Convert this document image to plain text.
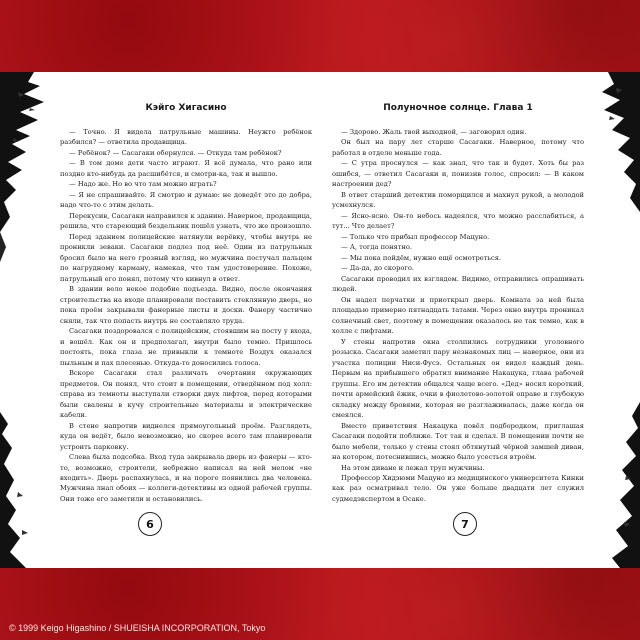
Кэйго Хигасино

— Точно. Я видела патрульные машины. Неужто ребёнок разбился? — ответила продавщица.

— Ребёнок? — Сасагаки обернулся. — Откуда там ребёнок?

— В том доме дети часто играют. Я всё думала, что рано или поздно кто-нибудь да расшибётся, и смотри-ка, так и вышло.

— Надо же. Но во что там можно играть?

— Я не спрашивайте. Я смотрю и думаю: не доведёт это до добра, надо что-то с этим делать.

Перекусив, Сасагаки направился к зданию. Наверное, продавщица, решила, что стареющий бездельник пошёл узнать, что же произошло.

Перед зданием полицейские натянули верёвку, чтобы внутрь не проникли зеваки. Сасагаки подлез под неё. Один из патрульных бросил было на него грозный взгляд, но мужчина постучал пальцем по нагрудному карману, намекая, что там удостоверение. Похоже, патрульный его понял, потому что кивнул в ответ.

В здании вело некое подобие подъезда. Видно, после окончания строительства на входе планировали поставить стеклянную дверь, но пока проём закрывали фанерные листы и доски. Фанеру частично сняли, так что попасть внутрь не составляло труда.

Сасагаки поздоровался с полицейским, стоявшим на посту у входа, и вошёл. Как он и предполагал, внутри было темно. Пришлось постоять, пока глаза не привыкли к темноте Воздух оказался пыльным и пах плесенью. Откуда-то доносились голоса.

Вскоре Сасагаки стал различать очертания окружающих предметов. Он понял, что стоит в помещении, отведённом под холл: справа из темноты выступали створки двух лифтов, перед которыми были свалены в кучу строительные материалы и электрические кабели.

В стене напротив виднелся прямоугольный проём. Разглядеть, куда он ведёт, было невозможно, но скорее всего там планировали устроить парковку.

Слева была подсобка. Вход туда закрывала дверь из фанеры — кто-то, возможно, строители, небрежно написал на ней мелом «не входить». Дверь распахнулась, и на пороге появились два человека. Мужчина лнал обоих — коллеги-детективы из одной рабочей группы. Они тоже его заметили и остановились.

6
Полуночное солнце. Глава 1

— Здорово. Жаль твой выходной, — заговорил один.

Он был на пару лет старше Сасагаки. Наверное, потому что работал в отделе меньше года.

— С утра проснулся — как знал, что так и будет. Хоть бы раз ошибся, — ответил Сасагаки и, понизив голос, спросил: — В каком настроении дед?

В ответ старший детектив поморщился и махнул рукой, а молодой усмехнулся.

— Ясно-ясно. Он-то небось надеялся, что можно расслабиться, а тут... Что делает?

— Только что прибыл профессор Мацуно.

— А, тогда понятно.

— Мы пока пойдём, нужно ещё осмотреться.

— Да-да, до скорого.

Сасагаки проводил их взглядом. Видимо, отправились опрашивать людей.

Он надел перчатки и приоткрыл дверь. Комната за ней была площадью примерно пятнадцать татами. Через окно внутрь проникал солнечный свет, поэтому в помещении оказалось не так темно, как в холле с лифтами.

У стены напротив окна столпились сотрудники уголовного розыска. Сасагаки заметил пару незнакомых лиц — наверное, они из участка полиции Ниси-Фусэ. Остальных он видел каждый день. Первым на прибывшего обратил внимание Накацука, глава рабочей группы. Его им детектив общался чаще всего. «Дед» носил короткий, почти армейский ёжик, очки в фиолетово-золотой оправе и глубокую складку между бровями, которая не разглаживалась, даже когда он смеялся.

Вместо приветствия Накацука повёл подбородком, приглашая Сасагаки подойти поближе. Тот так и сделал. В помещении почти не было мебели, только у стены стоял обтянутый чёрной замшей диван, на котором, потеснившись, можно было усесться втроём.

На этом диване и лежал труп мужчины.

Профессор Хидэюми Мацуно из медицинского университета Кинки как раз осматривал тело. Он уже больше двадцати лет служил судмедэкспертом в Осаке.

7
© 1999 Keigo Higashino / SHUEISHA INCORPORATION, Tokyo
